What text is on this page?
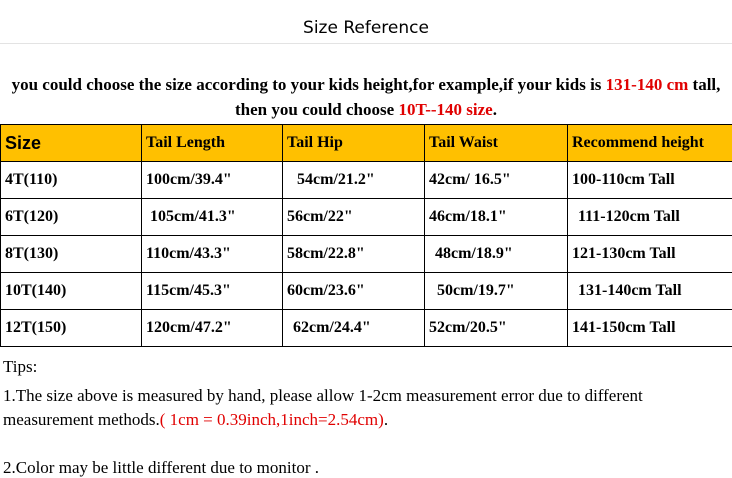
Size Reference
you could choose the size according to your kids height,for example,if your kids is 131-140 cm tall, then you could choose 10T--140 size.
Size	Tail Length	Tail Hip	Tail Waist	Recommend height
4T(110)	100cm/39.4"	54cm/21.2"	42cm/ 16.5"	100-110cm Tall
6T(120)	105cm/41.3"	56cm/22"	46cm/18.1"	111-120cm Tall
8T(130)	110cm/43.3"	58cm/22.8"	48cm/18.9"	121-130cm Tall
10T(140)	115cm/45.3"	60cm/23.6"	50cm/19.7"	131-140cm Tall
12T(150)	120cm/47.2"	62cm/24.4"	52cm/20.5"	141-150cm Tall
Tips:
1.The size above is measured by hand, please allow 1-2cm measurement error due to different measurement methods.( 1cm = 0.39inch,1inch=2.54cm).
2.Color may be little different due to monitor .
